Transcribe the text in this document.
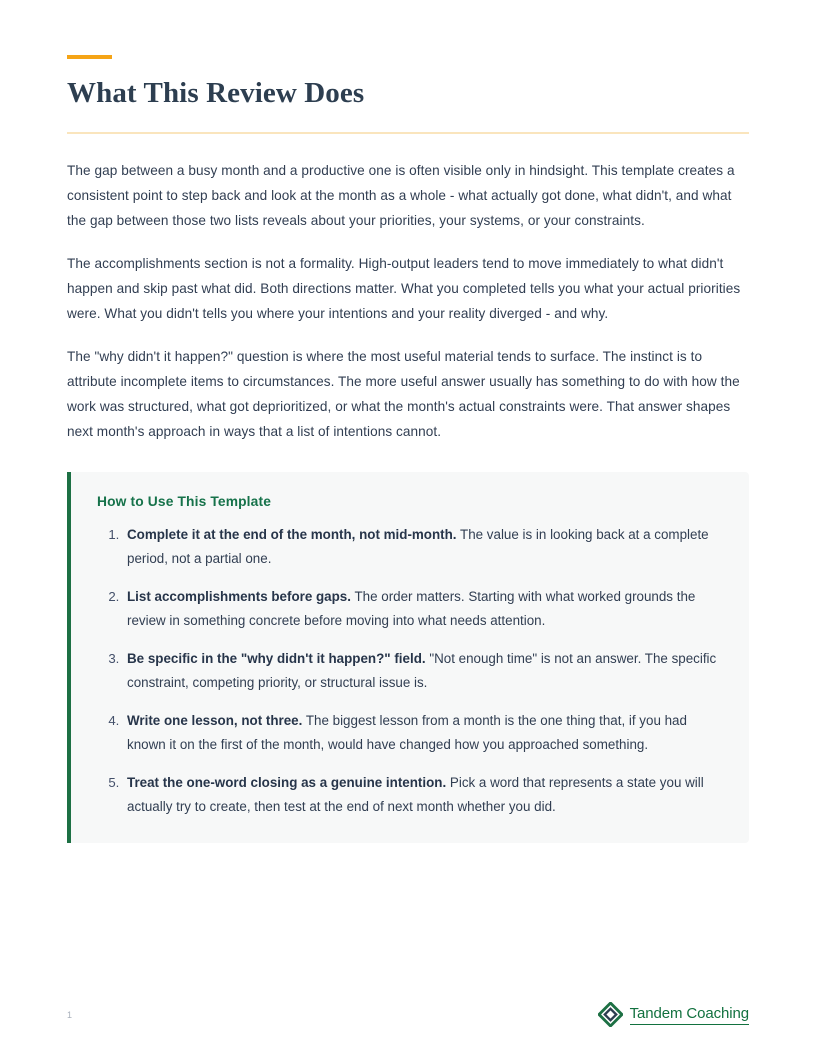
What This Review Does

The gap between a busy month and a productive one is often visible only in hindsight. This template creates a consistent point to step back and look at the month as a whole - what actually got done, what didn't, and what the gap between those two lists reveals about your priorities, your systems, or your constraints.

The accomplishments section is not a formality. High-output leaders tend to move immediately to what didn't happen and skip past what did. Both directions matter. What you completed tells you what your actual priorities were. What you didn't tells you where your intentions and your reality diverged - and why.

The "why didn't it happen?" question is where the most useful material tends to surface. The instinct is to attribute incomplete items to circumstances. The more useful answer usually has something to do with how the work was structured, what got deprioritized, or what the month's actual constraints were. That answer shapes next month's approach in ways that a list of intentions cannot.

How to Use This Template
1. Complete it at the end of the month, not mid-month. The value is in looking back at a complete period, not a partial one.
2. List accomplishments before gaps. The order matters. Starting with what worked grounds the review in something concrete before moving into what needs attention.
3. Be specific in the "why didn't it happen?" field. "Not enough time" is not an answer. The specific constraint, competing priority, or structural issue is.
4. Write one lesson, not three. The biggest lesson from a month is the one thing that, if you had known it on the first of the month, would have changed how you approached something.
5. Treat the one-word closing as a genuine intention. Pick a word that represents a state you will actually try to create, then test at the end of next month whether you did.
1	Tandem Coaching
